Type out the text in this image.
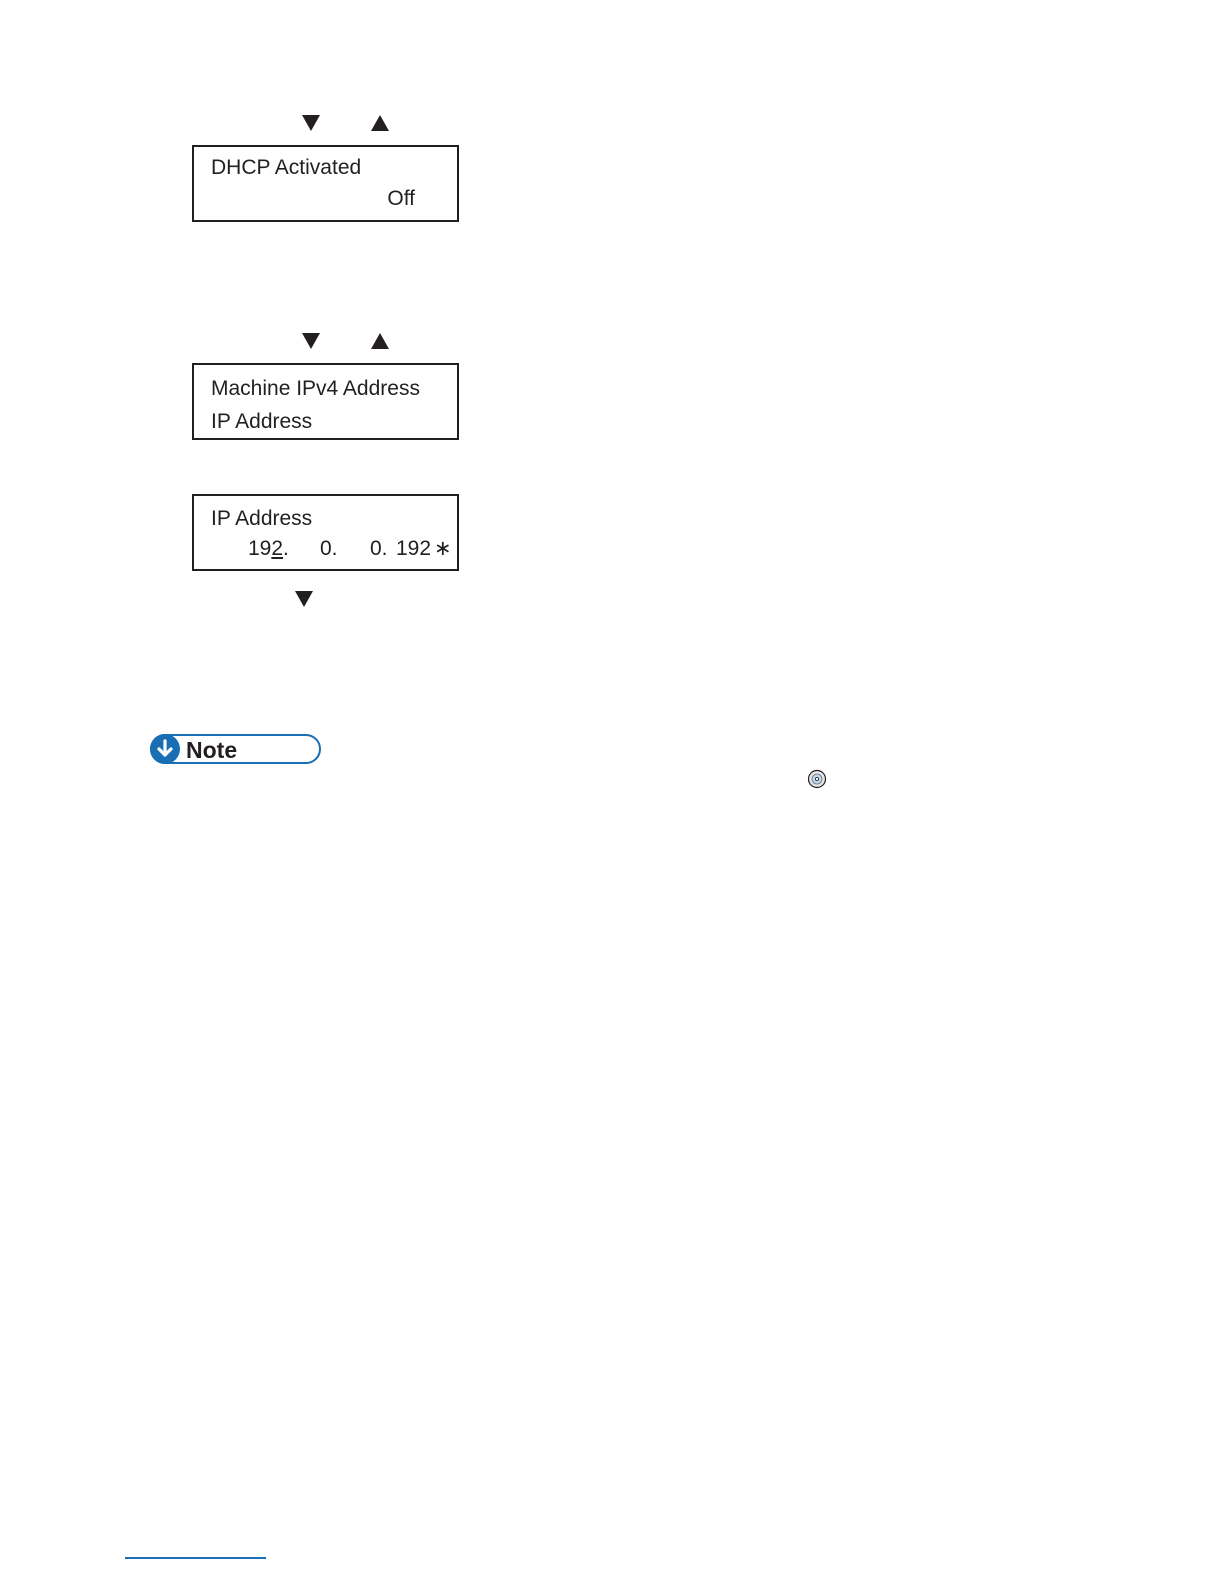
DHCP Activated
Off
Machine IPv4 Address
IP Address
IP Address
192. 0. 0. 192 ∗
Note
